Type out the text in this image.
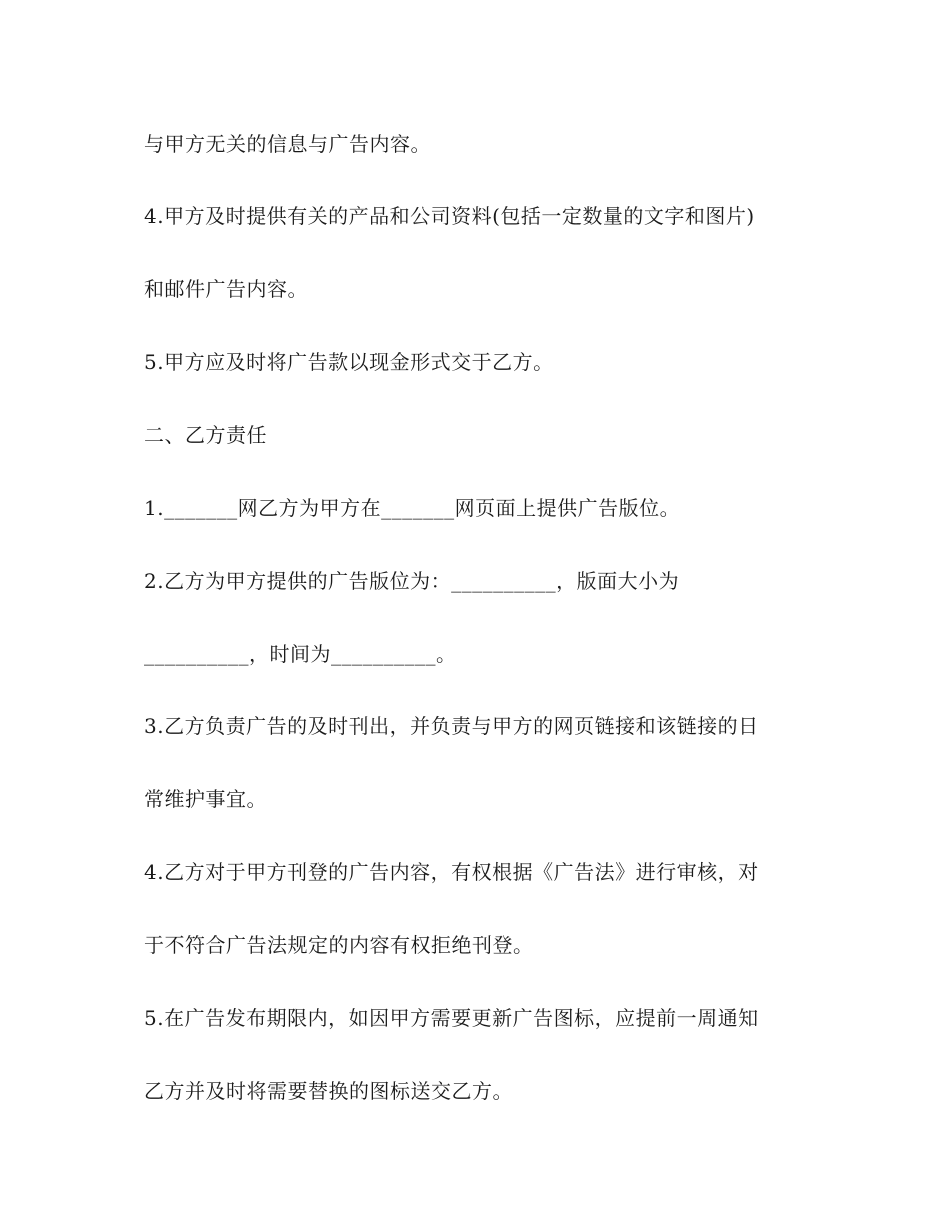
与甲方无关的信息与广告内容。
4.甲方及时提供有关的产品和公司资料(包括一定数量的文字和图片)
和邮件广告内容。
5.甲方应及时将广告款以现金形式交于乙方。
二、乙方责任
1._______网乙方为甲方在_______网页面上提供广告版位。
2.乙方为甲方提供的广告版位为：__________，版面大小为
__________，时间为__________。
3.乙方负责广告的及时刊出，并负责与甲方的网页链接和该链接的日
常维护事宜。
4.乙方对于甲方刊登的广告内容，有权根据《广告法》进行审核，对
于不符合广告法规定的内容有权拒绝刊登。
5.在广告发布期限内，如因甲方需要更新广告图标，应提前一周通知
乙方并及时将需要替换的图标送交乙方。
